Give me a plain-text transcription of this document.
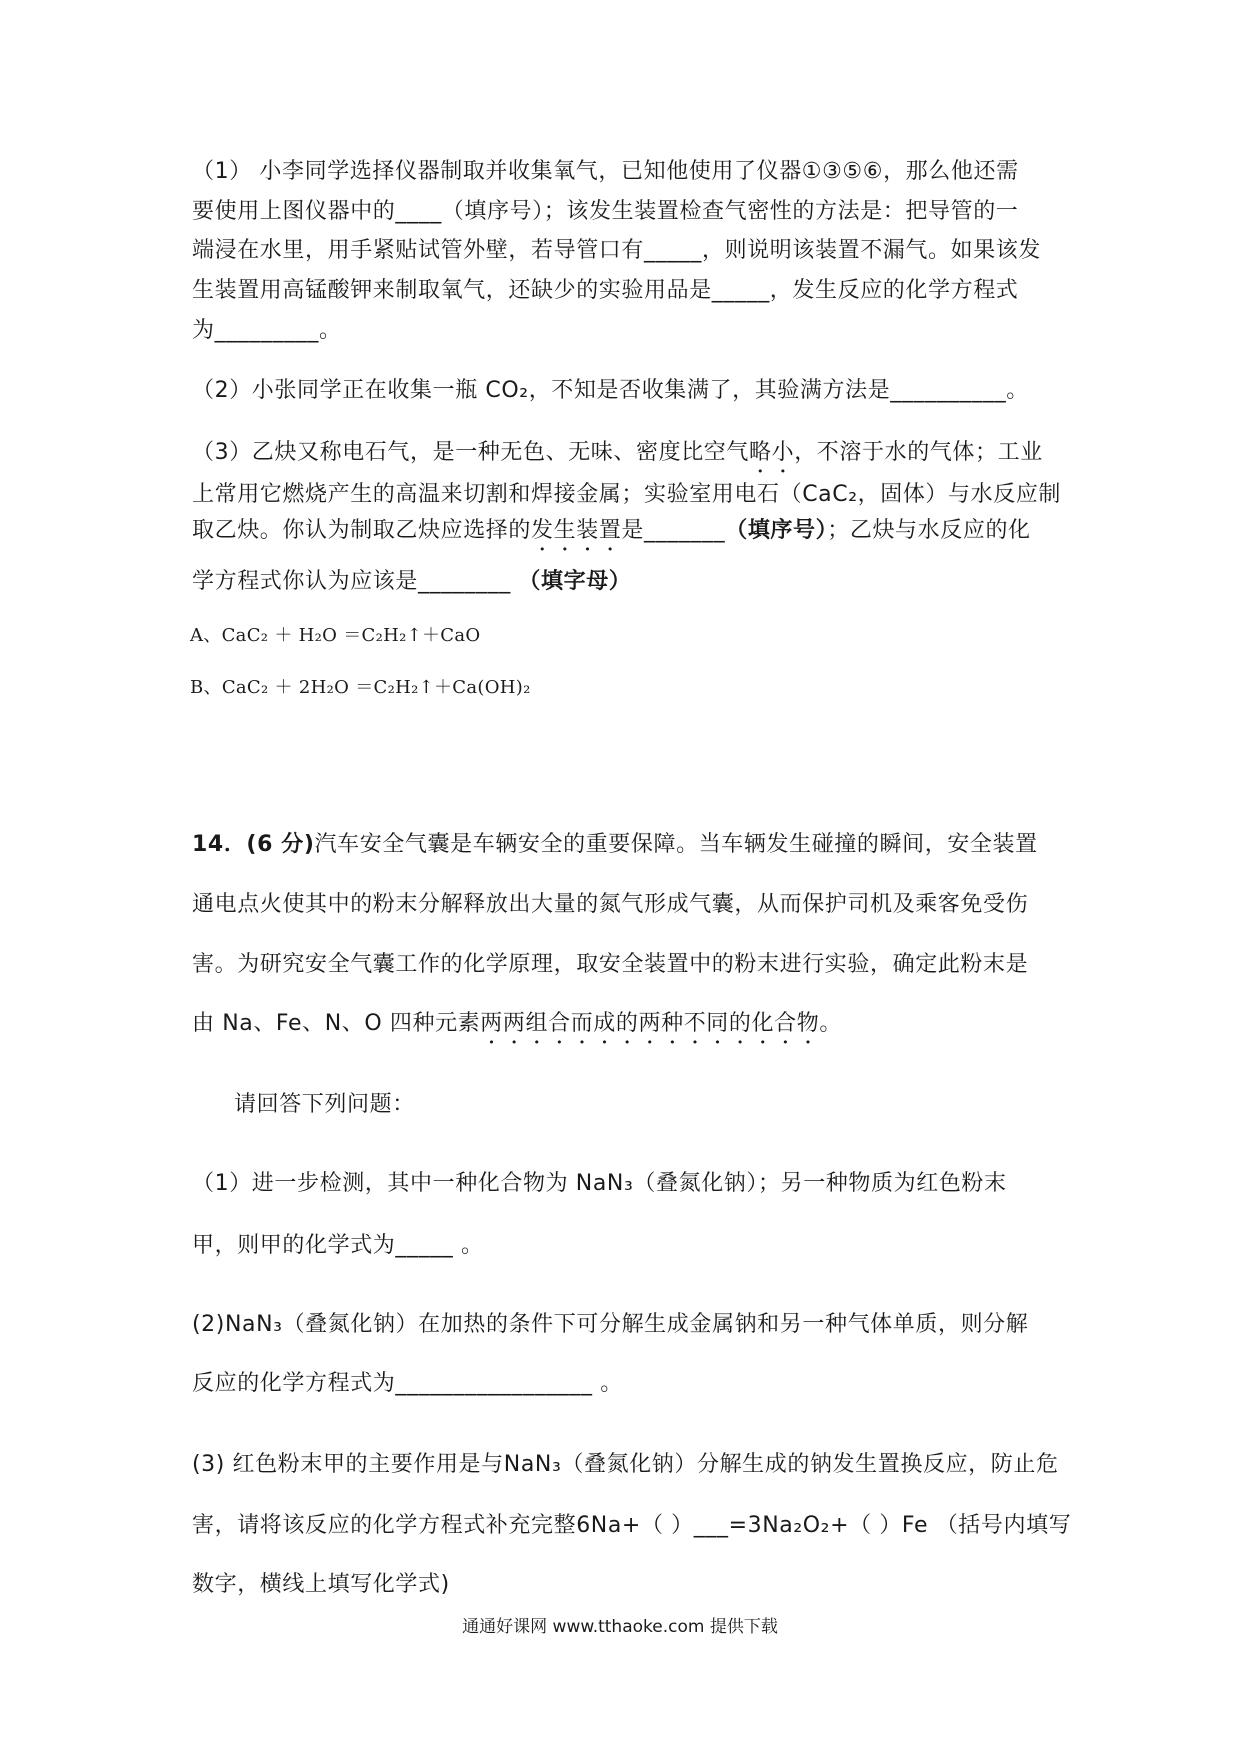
（1） 小李同学选择仪器制取并收集氧气，已知他使用了仪器①③⑤⑥，那么他还需
要使用上图仪器中的____（填序号）；该发生装置检查气密性的方法是：把导管的一
端浸在水里，用手紧贴试管外壁，若导管口有_____，则说明该装置不漏气。如果该发
生装置用高锰酸钾来制取氧气，还缺少的实验用品是_____，发生反应的化学方程式
为_________。
（2）小张同学正在收集一瓶 CO₂，不知是否收集满了，其验满方法是__________。
（3）乙炔又称电石气，是一种无色、无味、密度比空气略小，不溶于水的气体；工业
上常用它燃烧产生的高温来切割和焊接金属；实验室用电石（CaC₂，固体）与水反应制
取乙炔。你认为制取乙炔应选择的发生装置是_______（填序号）；乙炔与水反应的化
学方程式你认为应该是________ （填字母）
A、CaC₂ ＋ H₂O ＝C₂H₂↑＋CaO
B、CaC₂ ＋ 2H₂O ＝C₂H₂↑＋Ca(OH)₂
14．(6 分)汽车安全气囊是车辆安全的重要保障。当车辆发生碰撞的瞬间，安全装置
通电点火使其中的粉末分解释放出大量的氮气形成气囊，从而保护司机及乘客免受伤
害。为研究安全气囊工作的化学原理，取安全装置中的粉末进行实验，确定此粉末是
由 Na、Fe、N、O 四种元素两两组合而成的两种不同的化合物。
请回答下列问题：
（1）进一步检测，其中一种化合物为 NaN₃（叠氮化钠）；另一种物质为红色粉末
甲，则甲的化学式为_____ 。
(2)NaN₃（叠氮化钠）在加热的条件下可分解生成金属钠和另一种气体单质，则分解
反应的化学方程式为_________________ 。
(3) 红色粉末甲的主要作用是与NaN₃（叠氮化钠）分解生成的钠发生置换反应，防止危
害，请将该反应的化学方程式补充完整6Na+（ ）___=3Na₂O₂+（ ）Fe （括号内填写
数字，横线上填写化学式)
通通好课网 www.tthaoke.com 提供下载
